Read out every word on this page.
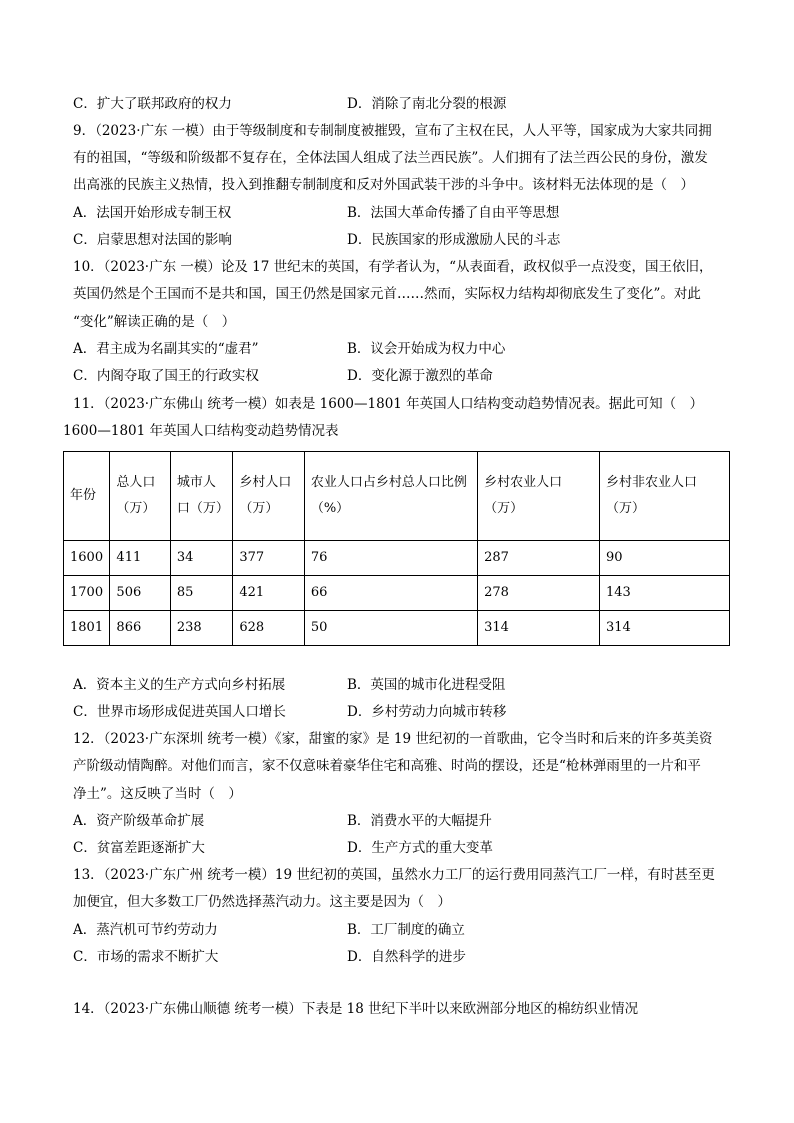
C．扩大了联邦政府的权力	D．消除了南北分裂的根源
9．（2023·广东 一模）由于等级制度和专制制度被摧毁，宣布了主权在民，人人平等，国家成为大家共同拥
有的祖国，“等级和阶级都不复存在，全体法国人组成了法兰西民族”。人们拥有了法兰西公民的身份，激发
出高涨的民族主义热情，投入到推翻专制制度和反对外国武装干涉的斗争中。该材料无法体现的是（　）
A．法国开始形成专制王权	B．法国大革命传播了自由平等思想
C．启蒙思想对法国的影响	D．民族国家的形成激励人民的斗志
10．（2023·广东 一模）论及 17 世纪末的英国，有学者认为，“从表面看，政权似乎一点没变，国王依旧，
英国仍然是个王国而不是共和国，国王仍然是国家元首……然而，实际权力结构却彻底发生了变化”。对此
“变化”解读正确的是（　）
A．君主成为名副其实的“虚君”	B．议会开始成为权力中心
C．内阁夺取了国王的行政实权	D．变化源于激烈的革命
11．（2023·广东佛山 统考一模）如表是 1600—1801 年英国人口结构变动趋势情况表。据此可知（　）
1600—1801 年英国人口结构变动趋势情况表
年份	总人口（万）	城市人口（万）	乡村人口（万）	农业人口占乡村总人口比例（%）	乡村农业人口（万）	乡村非农业人口（万）
1600	411	34	377	76	287	90
1700	506	85	421	66	278	143
1801	866	238	628	50	314	314
A．资本主义的生产方式向乡村拓展	B．英国的城市化进程受阻
C．世界市场形成促进英国人口增长	D．乡村劳动力向城市转移
12．（2023·广东深圳 统考一模）《家，甜蜜的家》是 19 世纪初的一首歌曲，它令当时和后来的许多英美资
产阶级动情陶醉。对他们而言，家不仅意味着豪华住宅和高雅、时尚的摆设，还是“枪林弹雨里的一片和平
净土”。这反映了当时（　）
A．资产阶级革命扩展	B．消费水平的大幅提升
C．贫富差距逐渐扩大	D．生产方式的重大变革
13．（2023·广东广州 统考一模）19 世纪初的英国，虽然水力工厂的运行费用同蒸汽工厂一样，有时甚至更
加便宜，但大多数工厂仍然选择蒸汽动力。这主要是因为（　）
A．蒸汽机可节约劳动力	B．工厂制度的确立
C．市场的需求不断扩大	D．自然科学的进步
14．（2023·广东佛山顺德 统考一模）下表是 18 世纪下半叶以来欧洲部分地区的棉纺织业情况
